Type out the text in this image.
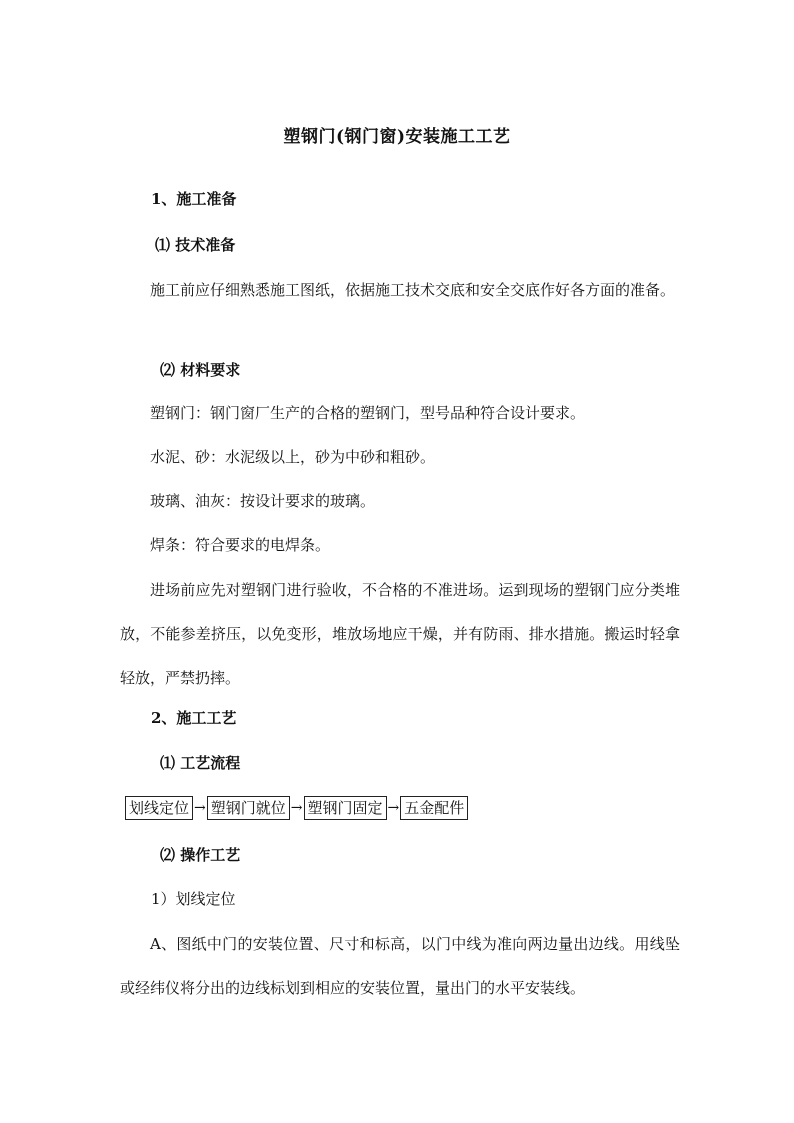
塑钢门(钢门窗)安装施工工艺
1、施工准备
⑴ 技术准备
施工前应仔细熟悉施工图纸，依据施工技术交底和安全交底作好各方面的准备。
⑵ 材料要求
塑钢门：钢门窗厂生产的合格的塑钢门，型号品种符合设计要求。
水泥、砂：水泥级以上，砂为中砂和粗砂。
玻璃、油灰：按设计要求的玻璃。
焊条：符合要求的电焊条。
进场前应先对塑钢门进行验收，不合格的不准进场。运到现场的塑钢门应分类堆放，不能参差挤压，以免变形，堆放场地应干燥，并有防雨、排水措施。搬运时轻拿轻放，严禁扔摔。
2、施工工艺
⑴ 工艺流程
划线定位 → 塑钢门就位 → 塑钢门固定 → 五金配件
⑵ 操作工艺
1）划线定位
A、图纸中门的安装位置、尺寸和标高，以门中线为准向两边量出边线。用线坠或经纬仪将分出的边线标划到相应的安装位置，量出门的水平安装线。
